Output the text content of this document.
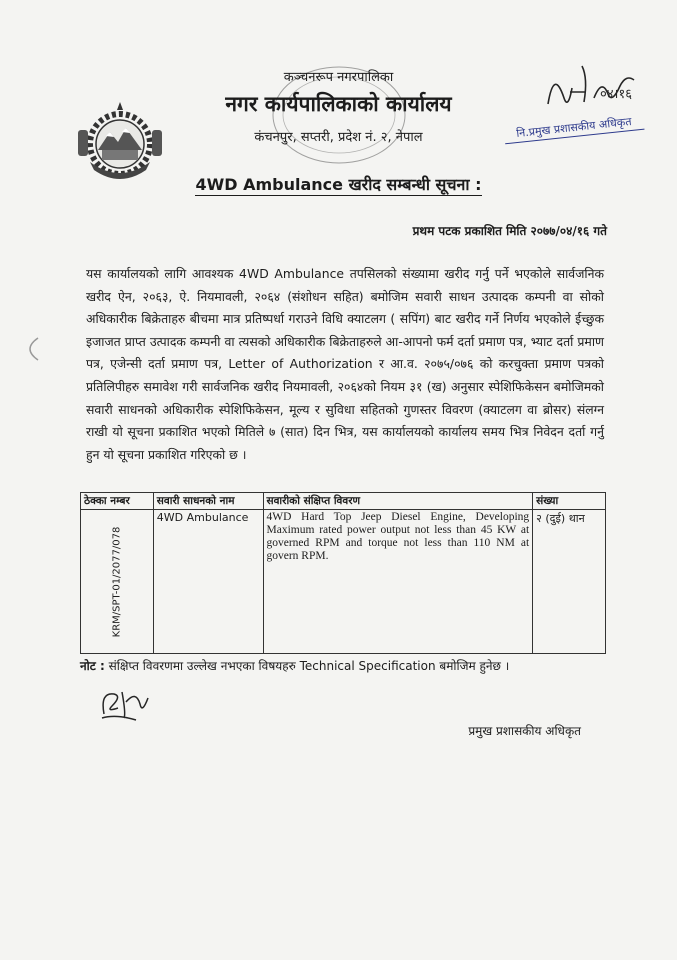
कञ्चनरूप नगरपालिका
नगर कार्यपालिकाको कार्यालय
कंचनपुर, सप्तरी, प्रदेश नं. २, नेपाल
०४।१६
नि.प्रमुख प्रशासकीय अधिकृत
4WD Ambulance खरीद सम्बन्धी सूचना :
प्रथम पटक प्रकाशित मिति २०७७/०४/१६ गते
यस कार्यालयको लागि आवश्यक 4WD Ambulance तपसिलको संख्यामा खरीद गर्नु पर्ने भएकोले सार्वजनिक खरीद ऐन, २०६३, ऐ. नियमावली, २०६४ (संशोधन सहित) बमोजिम सवारी साधन उत्पादक कम्पनी वा सोको अधिकारीक बिक्रेताहरु बीचमा मात्र प्रतिष्पर्धा गराउने विधि क्याटलग ( सपिंग) बाट खरीद गर्ने निर्णय भएकोले ईच्छुक इजाजत प्राप्त उत्पादक कम्पनी वा त्यसको अधिकारीक बिक्रेताहरुले आ-आपनो फर्म दर्ता प्रमाण पत्र, भ्याट दर्ता प्रमाण पत्र, एजेन्सी दर्ता प्रमाण पत्र, Letter of Authorization र आ.व. २०७५/०७६ को करचुक्ता प्रमाण पत्रको प्रतिलिपीहरु समावेश गरी सार्वजनिक खरीद नियमावली, २०६४को नियम ३१ (ख) अनुसार स्पेशिफिकेसन बमोजिमको सवारी साधनको अधिकारीक स्पेशिफिकेसन, मूल्य र सुविधा सहितको गुणस्तर विवरण (क्याटलग वा ब्रोसर) संलग्न राखी यो सूचना प्रकाशित भएको मितिले ७ (सात) दिन भित्र, यस कार्यालयको कार्यालय समय भित्र निवेदन दर्ता गर्नु हुन यो सूचना प्रकाशित गरिएको छ ।
ठेक्का नम्बर	सवारी साधनको नाम	सवारीको संक्षिप्त विवरण	संख्या

KRM/SPT-01/2077/078	4WD Ambulance	4WD Hard Top Jeep Diesel Engine, Developing Maximum rated power output not less than 45 KW at governed RPM and torque not less than 110 NM at govern RPM.	२ (दुई) थान
नोट : संक्षिप्त विवरणमा उल्लेख नभएका विषयहरु Technical Specification बमोजिम हुनेछ ।
प्रमुख प्रशासकीय अधिकृत
